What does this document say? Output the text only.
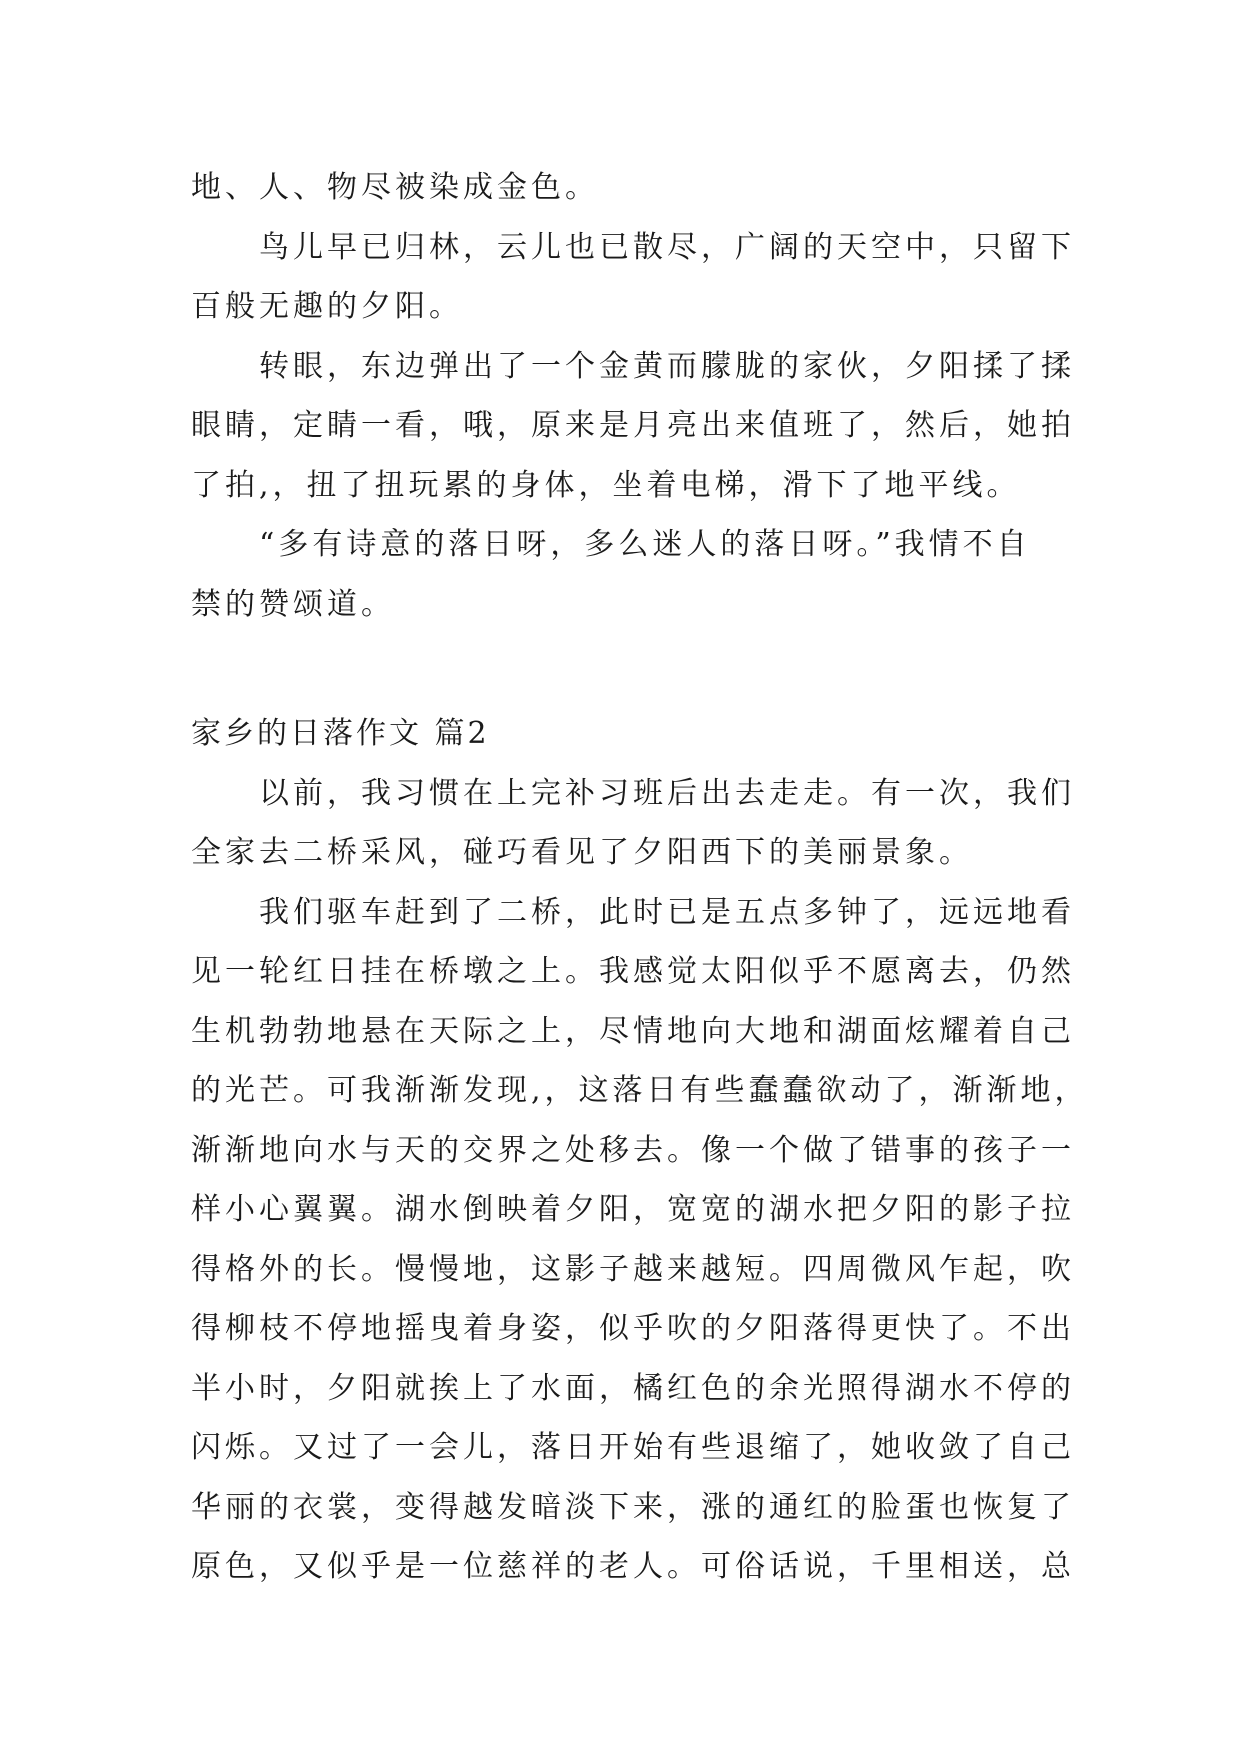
地、人、物尽被染成金色。
鸟儿早已归林，云儿也已散尽，广阔的天空中，只留下
百般无趣的夕阳。
转眼，东边弹出了一个金黄而朦胧的家伙，夕阳揉了揉
眼睛，定睛一看，哦，原来是月亮出来值班了，然后，她拍
了拍,，扭了扭玩累的身体，坐着电梯，滑下了地平线。
“多有诗意的落日呀，多么迷人的落日呀。”我情不自
禁的赞颂道。
家乡的日落作文 篇2
以前，我习惯在上完补习班后出去走走。有一次，我们
全家去二桥采风，碰巧看见了夕阳西下的美丽景象。
我们驱车赶到了二桥，此时已是五点多钟了，远远地看
见一轮红日挂在桥墩之上。我感觉太阳似乎不愿离去，仍然
生机勃勃地悬在天际之上，尽情地向大地和湖面炫耀着自己
的光芒。可我渐渐发现,，这落日有些蠢蠢欲动了，渐渐地，
渐渐地向水与天的交界之处移去。像一个做了错事的孩子一
样小心翼翼。湖水倒映着夕阳，宽宽的湖水把夕阳的影子拉
得格外的长。慢慢地，这影子越来越短。四周微风乍起，吹
得柳枝不停地摇曳着身姿，似乎吹的夕阳落得更快了。不出
半小时，夕阳就挨上了水面，橘红色的余光照得湖水不停的
闪烁。又过了一会儿，落日开始有些退缩了，她收敛了自己
华丽的衣裳，变得越发暗淡下来，涨的通红的脸蛋也恢复了
原色，又似乎是一位慈祥的老人。可俗话说，千里相送，总
